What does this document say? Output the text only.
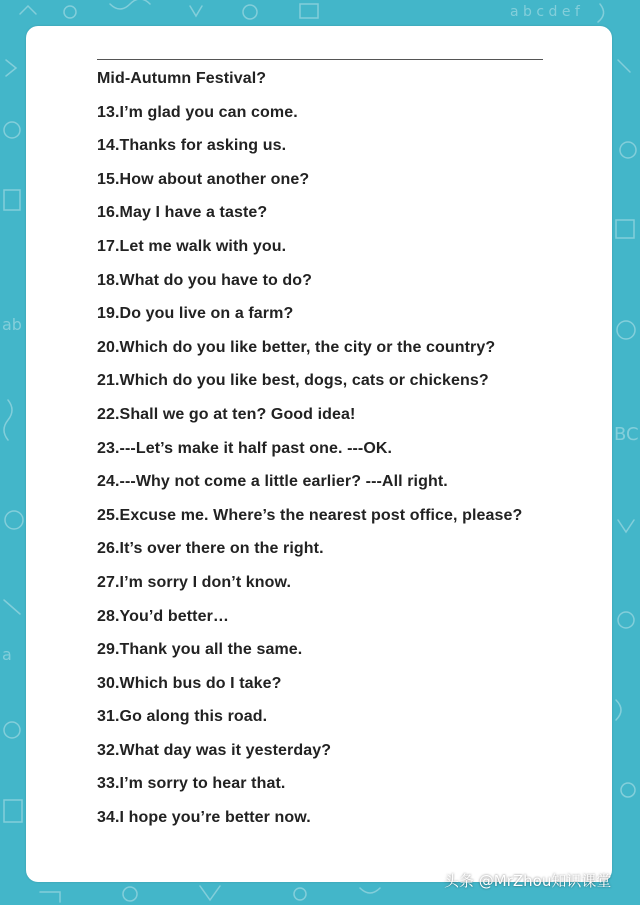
a b c d e f
ab
a
BC
Mid-Autumn Festival?
13.I’m glad you can come.
14.Thanks for asking us.
15.How about another one?
16.May I have a taste?
17.Let me walk with you.
18.What do you have to do?
19.Do you live on a farm?
20.Which do you like better, the city or the country?
21.Which do you like best, dogs, cats or chickens?
22.Shall we go at ten? Good idea!
23.---Let’s make it half past one. ---OK.
24.---Why not come a little earlier? ---All right.
25.Excuse me. Where’s the nearest post office, please?
26.It’s over there on the right.
27.I’m sorry I don’t know.
28.You’d better…
29.Thank you all the same.
30.Which bus do I take?
31.Go along this road.
32.What day was it yesterday?
33.I’m sorry to hear that.
34.I hope you’re better now.
头条 @MrZhou知识课堂
